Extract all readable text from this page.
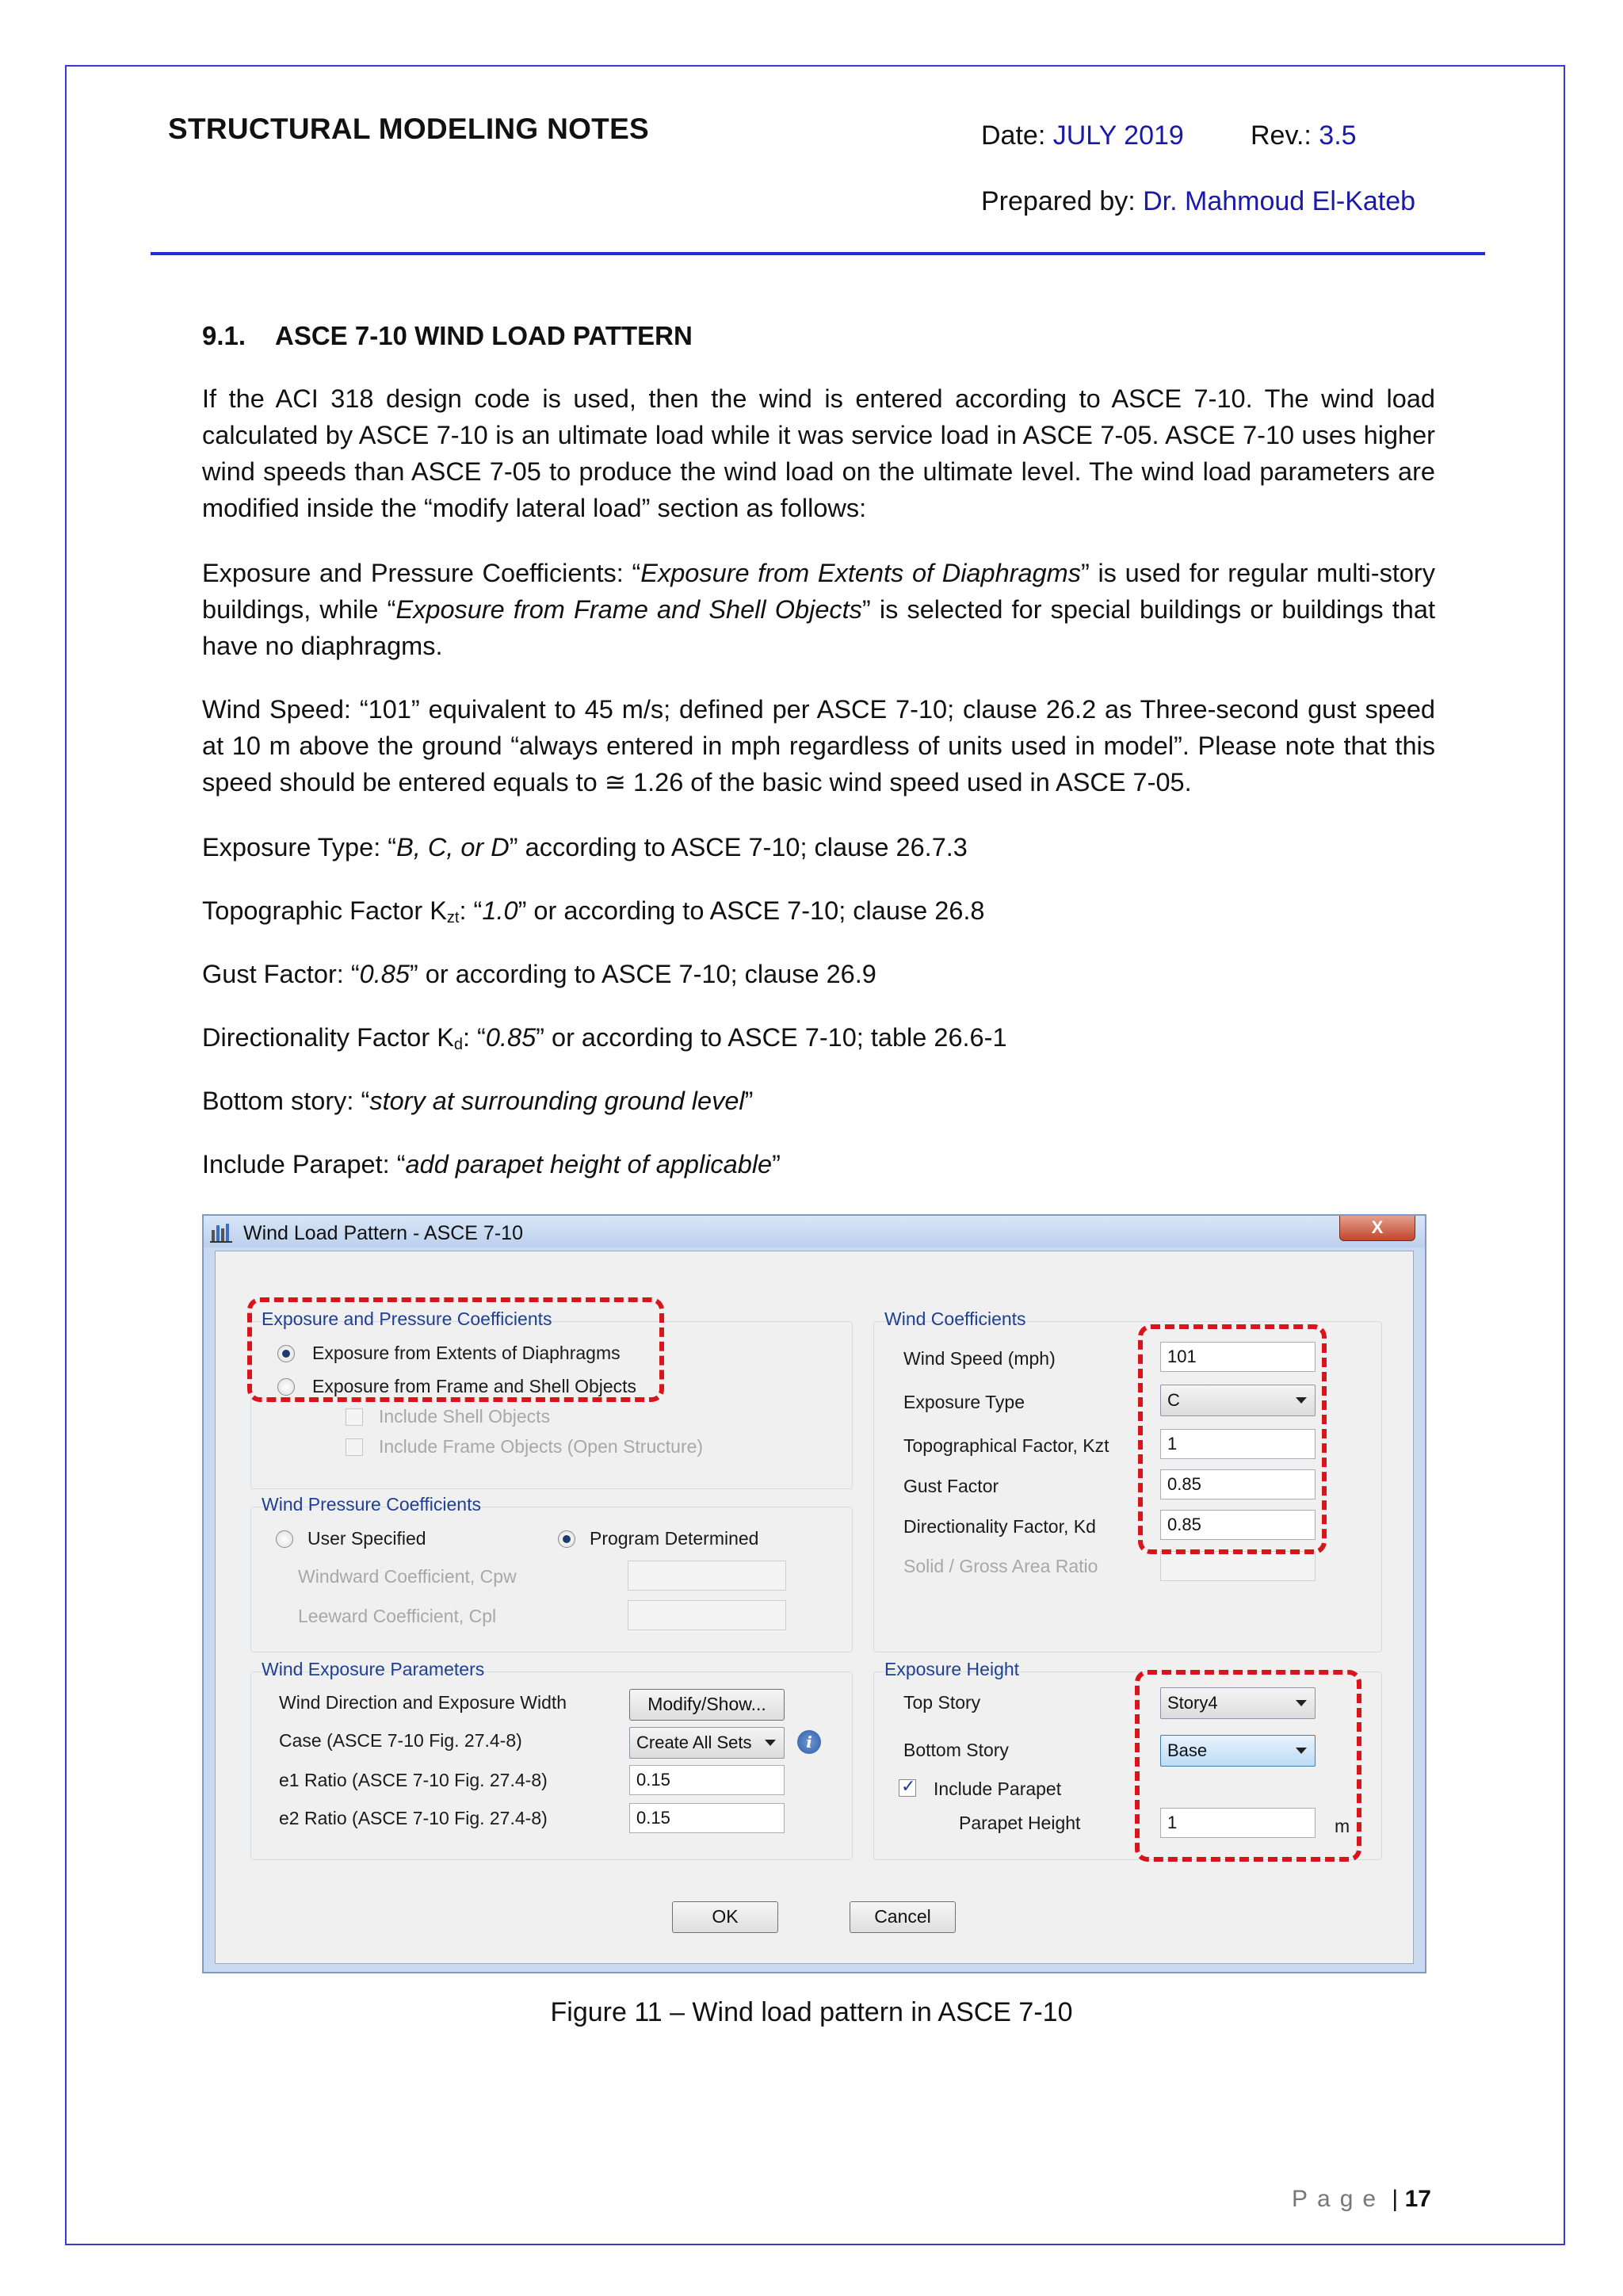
STRUCTURAL MODELING NOTES	Date: JULY 2019 Rev.: 3.5
Prepared by: Dr. Mahmoud El-Kateb
9.1. ASCE 7-10 WIND LOAD PATTERN
If the ACI 318 design code is used, then the wind is entered according to ASCE 7-10. The wind load calculated by ASCE 7-10 is an ultimate load while it was service load in ASCE 7-05. ASCE 7-10 uses higher wind speeds than ASCE 7-05 to produce the wind load on the ultimate level. The wind load parameters are modified inside the “modify lateral load” section as follows:
Exposure and Pressure Coefficients: “Exposure from Extents of Diaphragms” is used for regular multi-story buildings, while “Exposure from Frame and Shell Objects” is selected for special buildings or buildings that have no diaphragms.
Wind Speed: “101” equivalent to 45 m/s; defined per ASCE 7-10; clause 26.2 as Three-second gust speed at 10 m above the ground “always entered in mph regardless of units used in model”. Please note that this speed should be entered equals to ≅ 1.26 of the basic wind speed used in ASCE 7-05.
Exposure Type: “B, C, or D” according to ASCE 7-10; clause 26.7.3
Topographic Factor $K_{zt}$: “1.0” or according to ASCE 7-10; clause 26.8
Gust Factor: “0.85” or according to ASCE 7-10; clause 26.9
Directionality Factor $K_d$: “0.85” or according to ASCE 7-10; table 26.6-1
Bottom story: “story at surrounding ground level”
Include Parapet: “add parapet height of applicable”
Wind Load Pattern - ASCE 7-10	X
Exposure and Pressure Coefficients
Exposure from Extents of Diaphragms
Exposure from Frame and Shell Objects
Include Shell Objects
Include Frame Objects (Open Structure)
Wind Pressure Coefficients
User Specified	Program Determined
Windward Coefficient, Cpw
Leeward Coefficient, Cpl
Wind Exposure Parameters
Wind Direction and Exposure Width	Modify/Show...
Case (ASCE 7-10 Fig. 27.4-8)	Create All Sets	i
e1 Ratio (ASCE 7-10 Fig. 27.4-8)	0.15
e2 Ratio (ASCE 7-10 Fig. 27.4-8)	0.15
Wind Coefficients
Wind Speed (mph)	101
Exposure Type	C
Topographical Factor, Kzt	1
Gust Factor	0.85
Directionality Factor, Kd	0.85
Solid / Gross Area Ratio
Exposure Height
Top Story	Story4
Bottom Story	Base
✓
Include Parapet
Parapet Height	1	m
OK	Cancel
Figure 11 – Wind load pattern in ASCE 7-10
Page | 17
